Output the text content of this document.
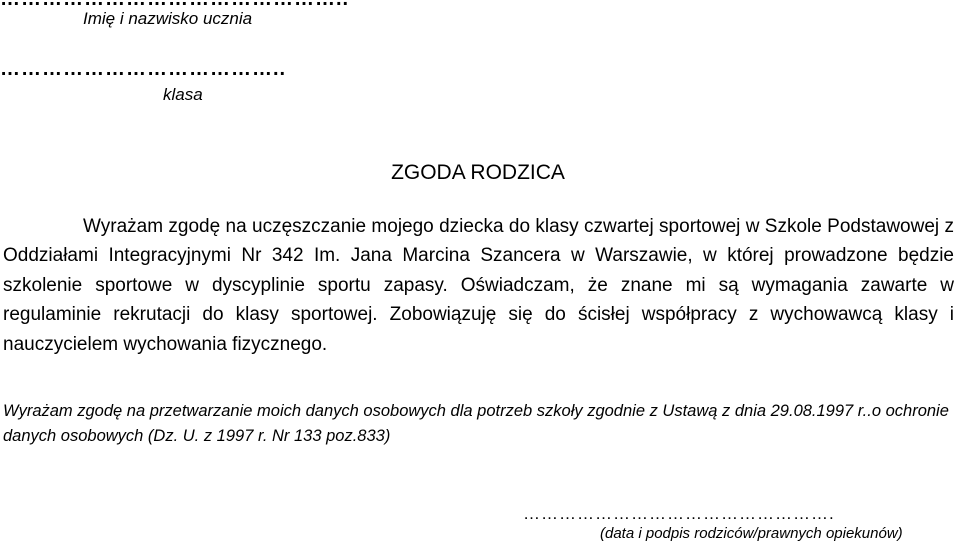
Imię i nazwisko ucznia
…………………………………..
klasa
ZGODA RODZICA
Wyrażam zgodę na uczęszczanie mojego dziecka do klasy czwartej sportowej w Szkole Podstawowej z Oddziałami Integracyjnymi Nr 342 Im. Jana Marcina Szancera w Warszawie, w której prowadzone będzie szkolenie sportowe w dyscyplinie sportu zapasy. Oświadczam, że znane mi są wymagania zawarte w regulaminie rekrutacji do klasy sportowej. Zobowiązuję się do ścisłej współpracy z wychowawcą klasy i nauczycielem wychowania fizycznego.
Wyrażam zgodę na przetwarzanie moich danych osobowych dla potrzeb szkoły zgodnie z Ustawą z dnia 29.08.1997 r..o ochronie danych osobowych (Dz. U. z 1997 r. Nr 133 poz.833)
…………………………………………….
(data i podpis rodziców/prawnych opiekunów)
